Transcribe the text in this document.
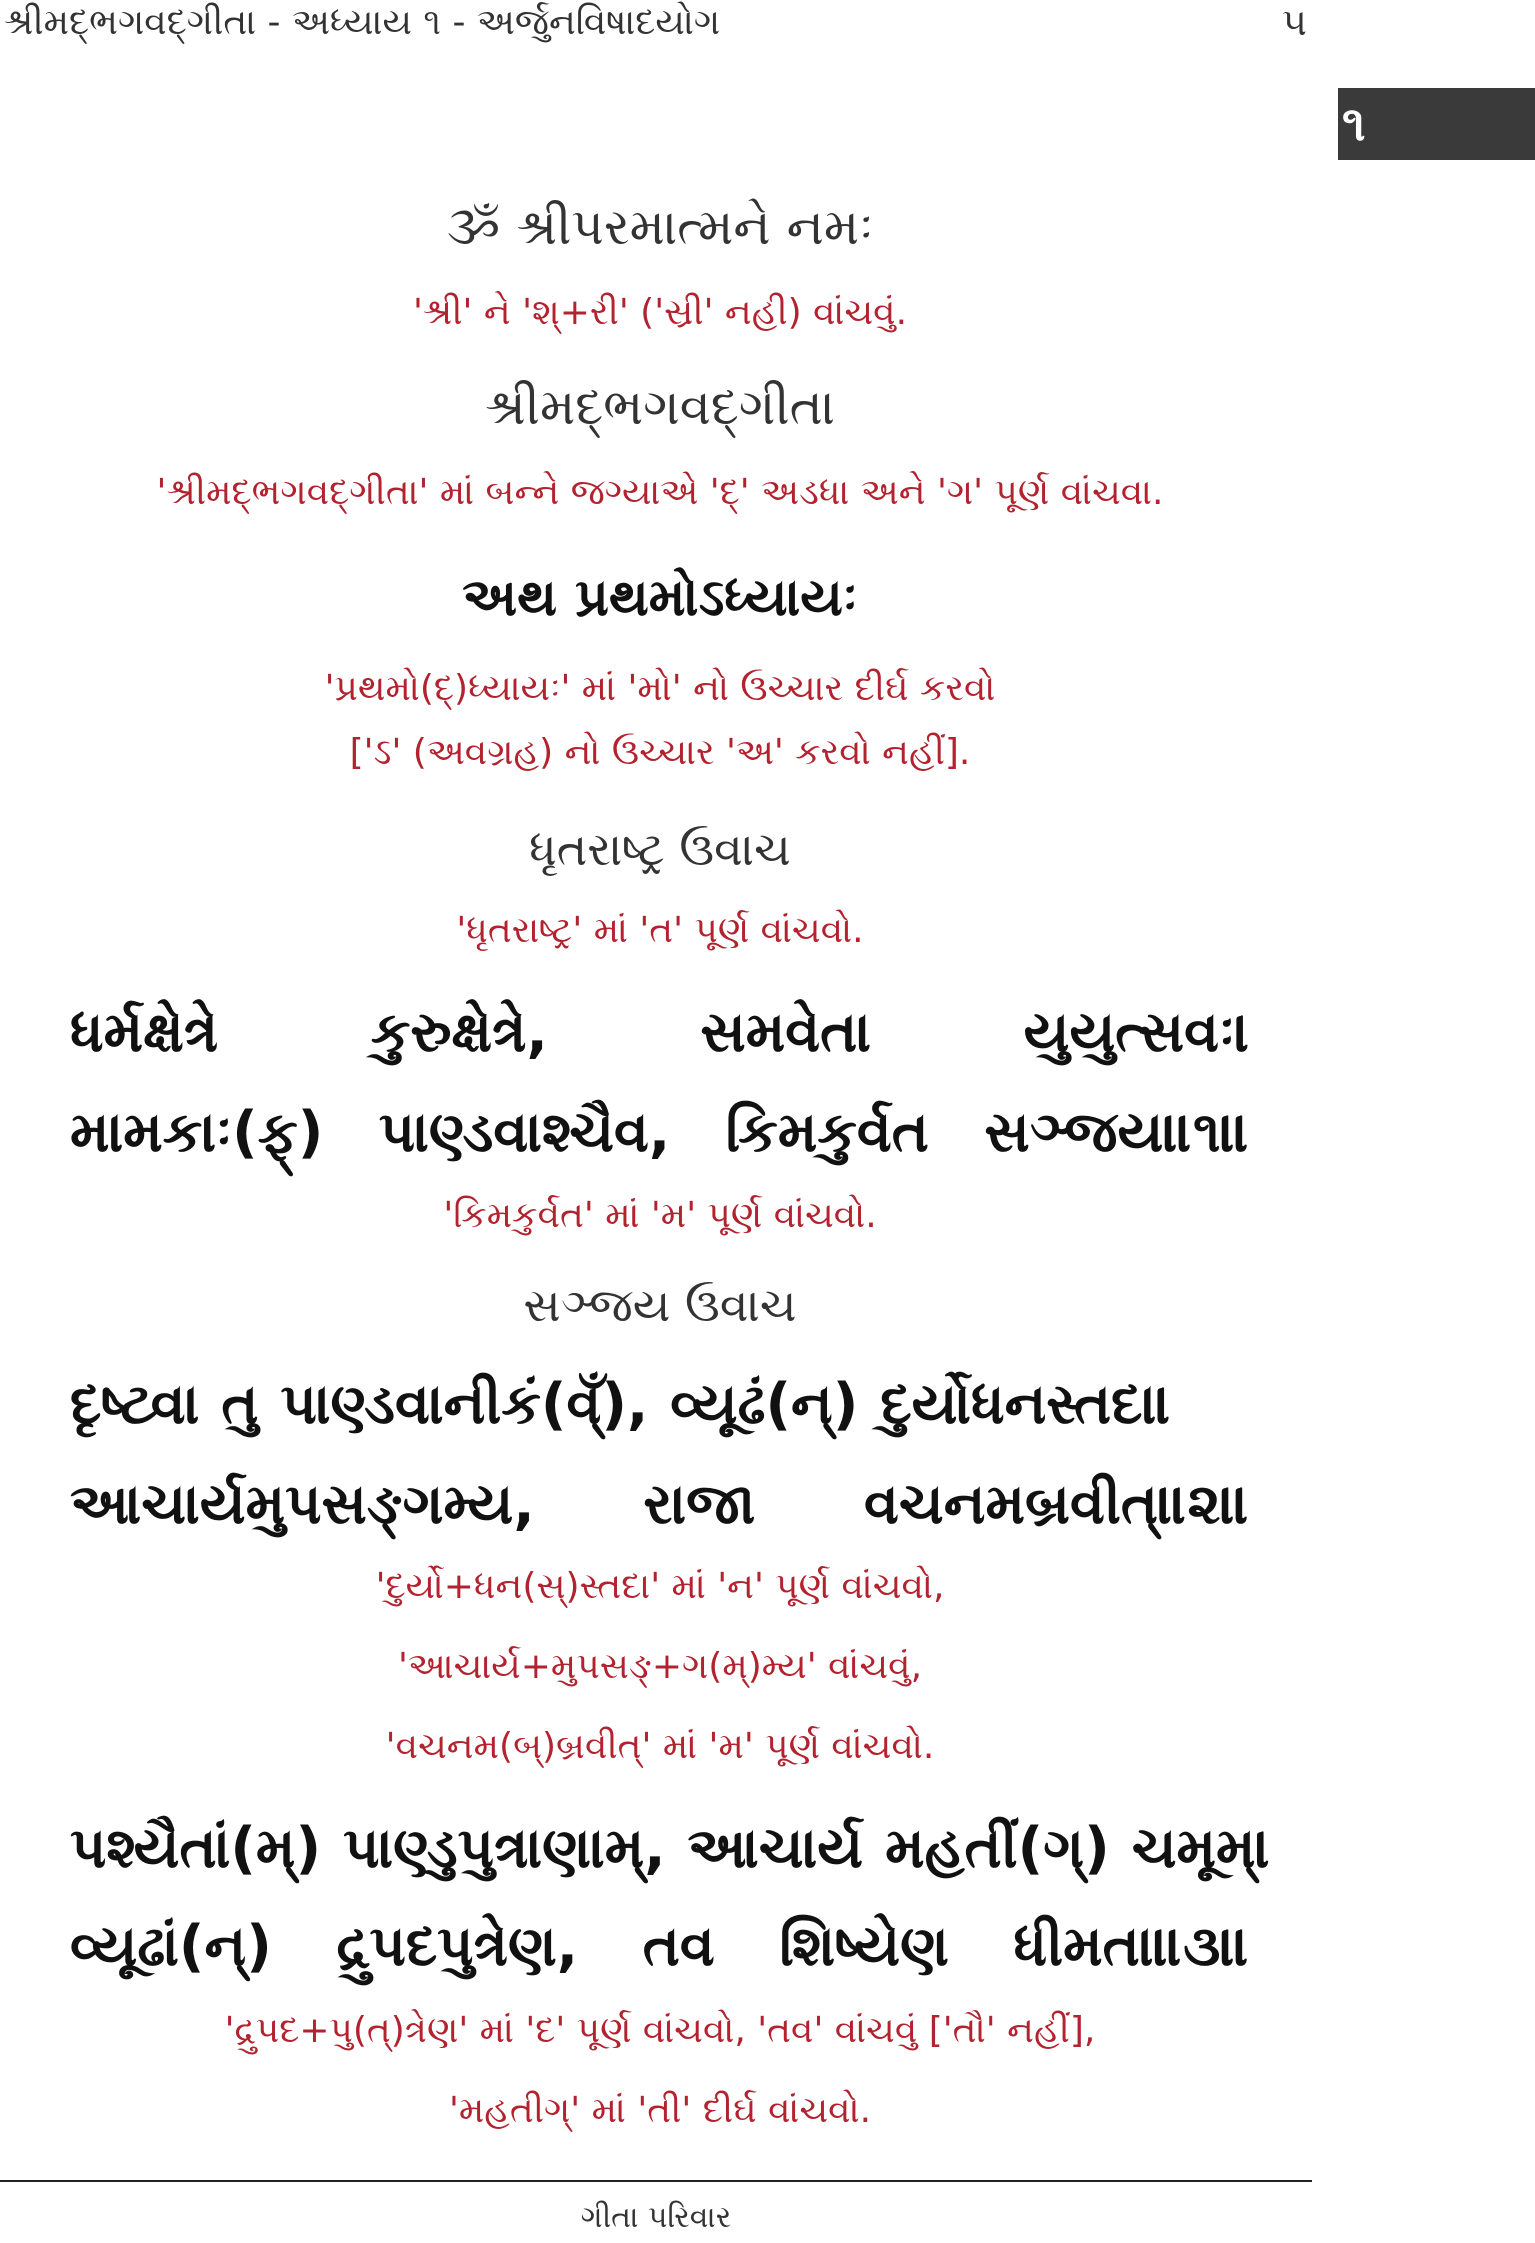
શ્રીમદ્ભગવદ્ગીતા - અધ્યાય ૧ - અર્જુનવિષાદયોગ	૫
૧
ૐ શ્રીપરમાત્મને નમઃ
'શ્રી' ને 'શ્+રી' ('સ્રી' નહી) વાંચવું.
શ્રીમદ્ભગવદ્ગીતા
'શ્રીમદ્ભગવદ્ગીતા' માં બન્ને જગ્યાએ 'દ્' અડધા અને 'ગ' પૂર્ણ વાંચવા.
અથ પ્રથમોઽધ્યાયઃ
'પ્રથમો(દ્)ધ્યાયઃ' માં 'મો' નો ઉચ્ચાર દીર્ઘ કરવો
['ઽ' (અવગ્રહ) નો ઉચ્ચાર 'અ' કરવો નહીં].
ધૃતરાષ્ટ્ર ઉવાચ
'ધૃતરાષ્ટ્ર' માં 'ત' પૂર્ણ વાંચવો.
ધર્મક્ષેત્રે	કુરુક્ષેત્રે,	સમવેતા	યુયુત્સવઃ।
મામકાઃ(ફ્) પાણ્ડવાશ્ચૈવ, કિમકુર્વત સઞ્જય॥૧॥
'કિમકુર્વત' માં 'મ' પૂર્ણ વાંચવો.
સઞ્જય ઉવાચ
દૃષ્ટ્વા તુ પાણ્ડવાનીકં(વ્ઁ), વ્યૂઢં(ન્) દુર્યોધનસ્તદા।
આચાર્યમુપસઙ્ગમ્ય, રાજા વચનમબ્રવીત્॥૨॥
'દુર્યો+ધન(સ્)સ્તદા' માં 'ન' પૂર્ણ વાંચવો,
'આચાર્ય+મુપસઙ્+ગ(મ્)મ્ય' વાંચવું,
'વચનમ(બ્)બ્રવીત્' માં 'મ' પૂર્ણ વાંચવો.
પશ્યૈતાં(મ્) પાણ્ડુપુત્રાણામ્, આચાર્ય મહતીં(ગ્) ચમૂમ્।
વ્યૂઢાં(ન્) દ્રુપદપુત્રેણ, તવ શિષ્યેણ ધીમતા॥૩॥
'દ્રુપદ+પુ(ત્)ત્રેણ' માં 'દ' પૂર્ણ વાંચવો, 'તવ' વાંચવું ['તૌ' નહીં],
'મહતીગ્' માં 'તી' દીર્ઘ વાંચવો.
ગીતા પરિવાર
